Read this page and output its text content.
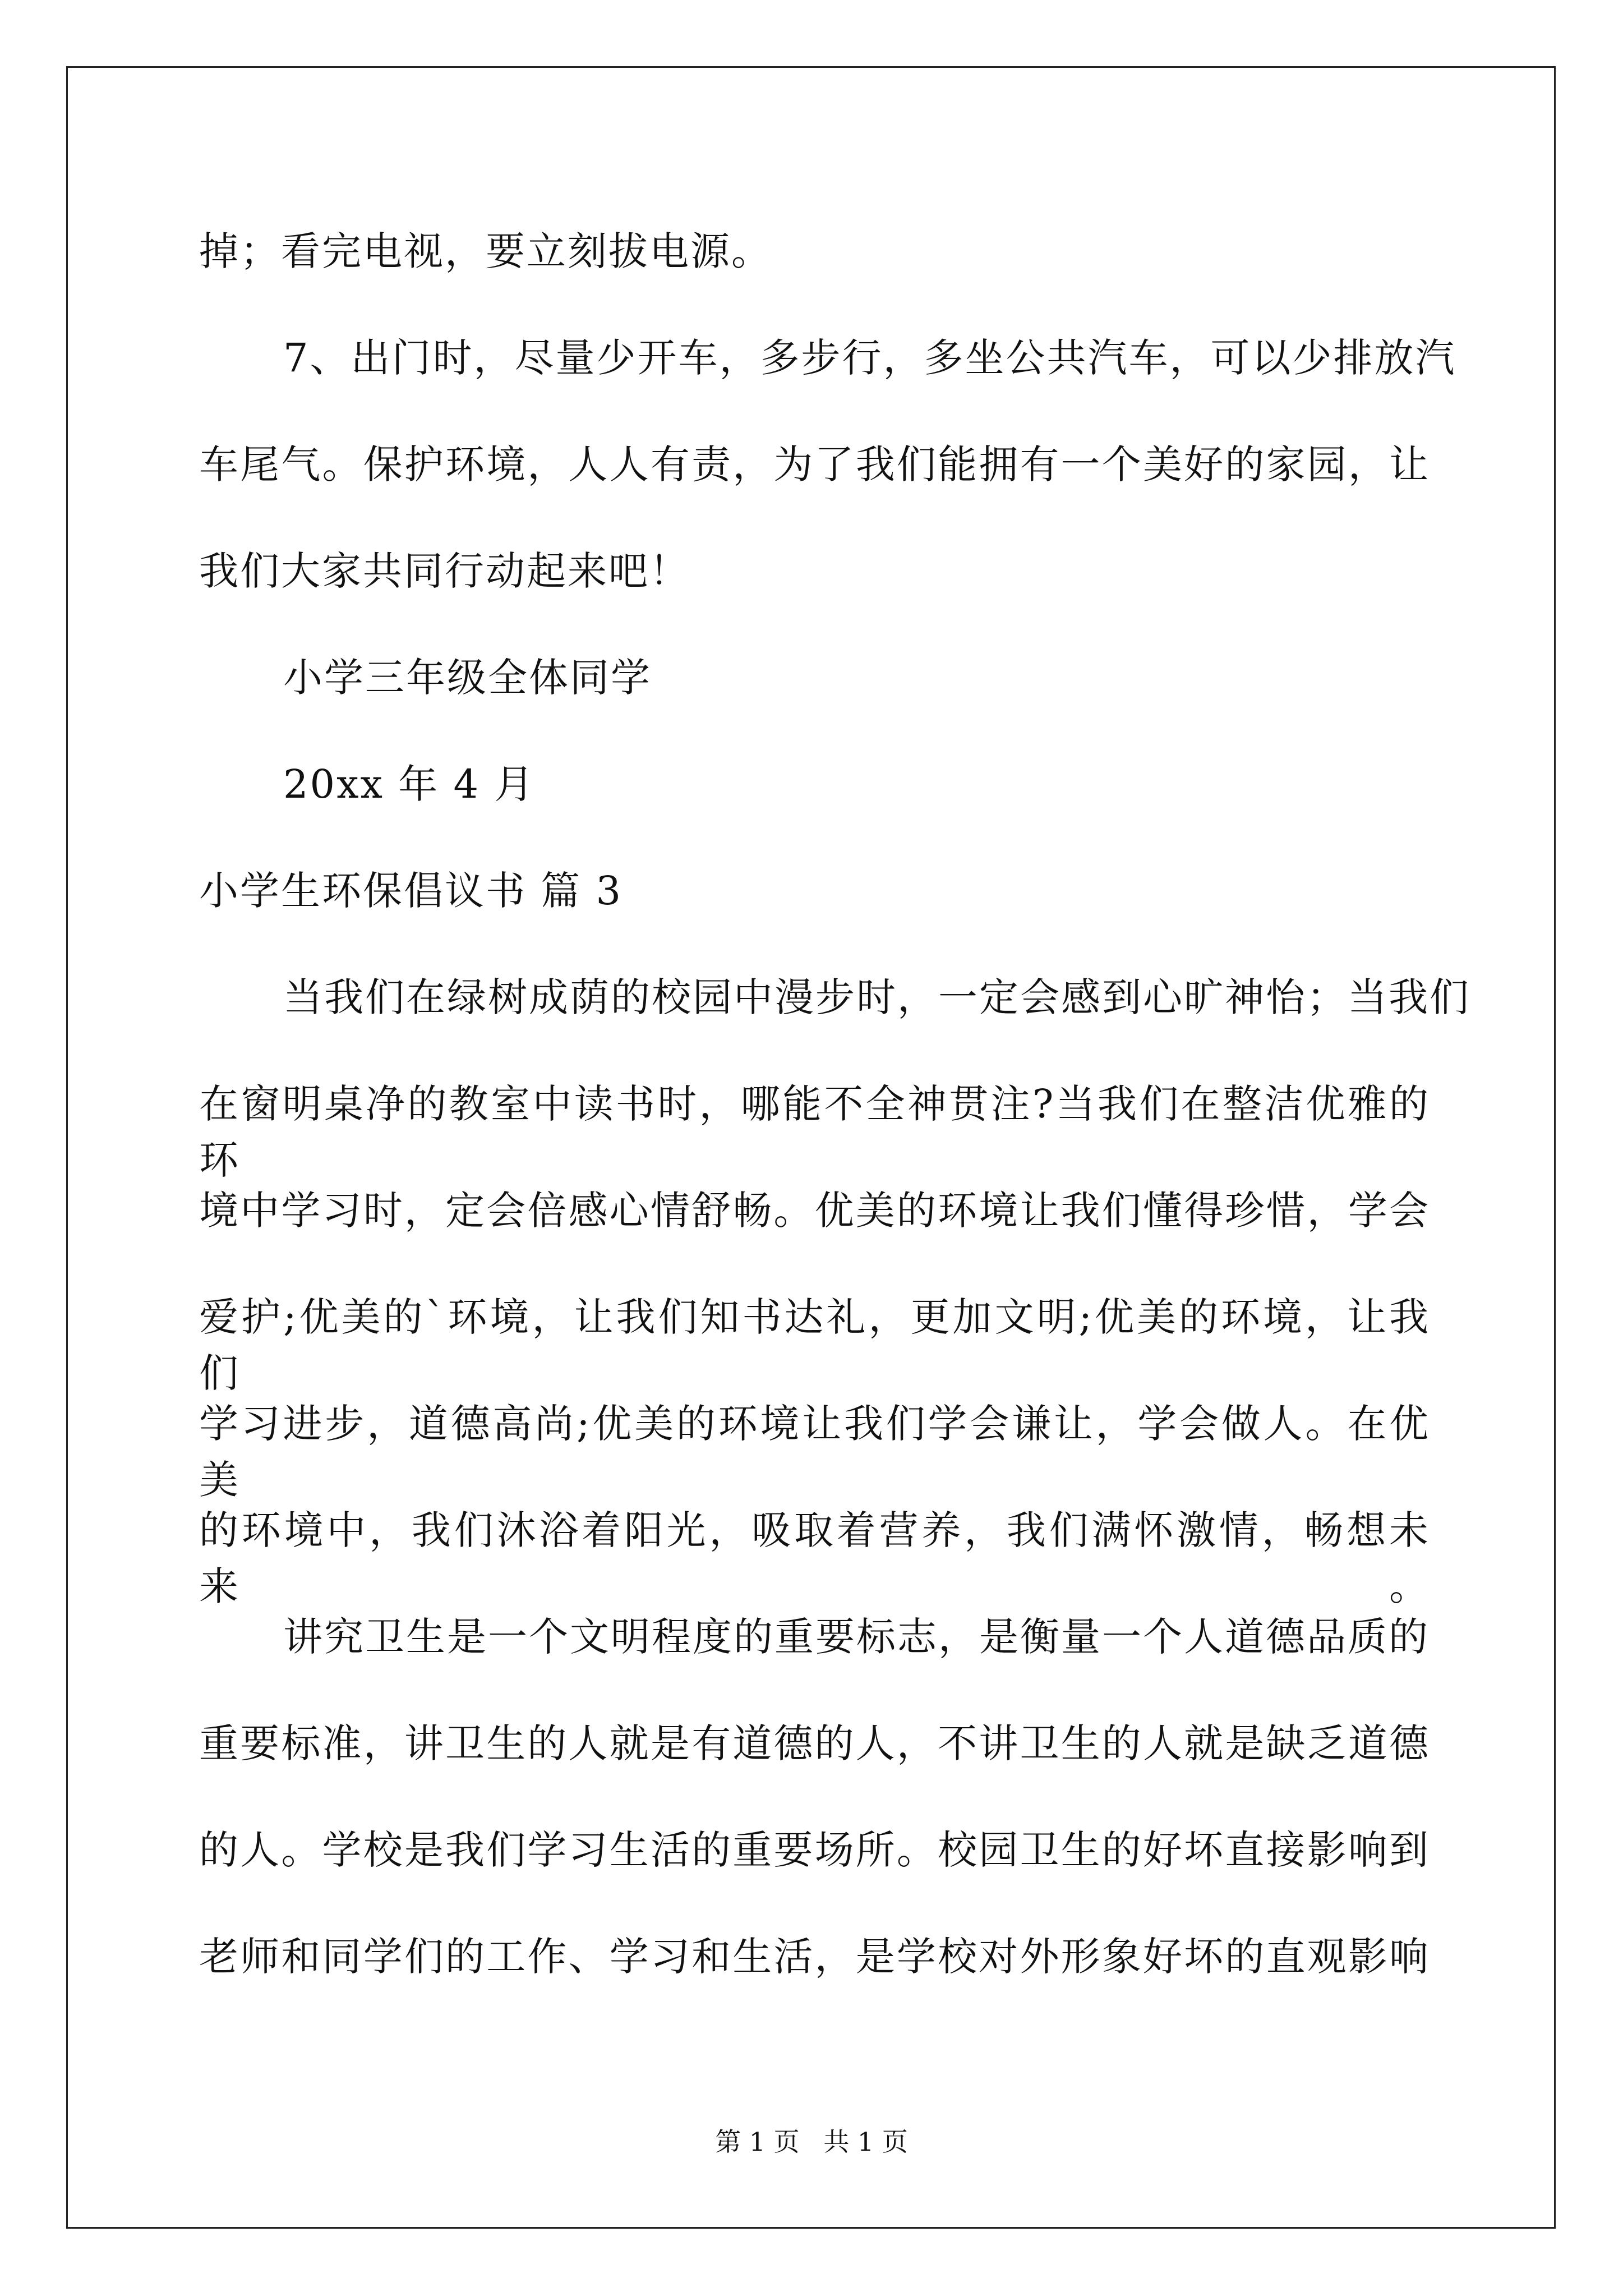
掉；看完电视，要立刻拔电源。
7、出门时，尽量少开车，多步行，多坐公共汽车，可以少排放汽
车尾气。保护环境，人人有责，为了我们能拥有一个美好的家园，让
我们大家共同行动起来吧！
小学三年级全体同学
20xx 年 4 月
小学生环保倡议书 篇 3
当我们在绿树成荫的校园中漫步时，一定会感到心旷神怡；当我们
在窗明桌净的教室中读书时，哪能不全神贯注?当我们在整洁优雅的环
境中学习时，定会倍感心情舒畅。优美的环境让我们懂得珍惜，学会
爱护;优美的`环境，让我们知书达礼，更加文明;优美的环境，让我们
学习进步，道德高尚;优美的环境让我们学会谦让，学会做人。在优美
的环境中，我们沐浴着阳光，吸取着营养，我们满怀激情，畅想未来。
讲究卫生是一个文明程度的重要标志，是衡量一个人道德品质的
重要标准，讲卫生的人就是有道德的人，不讲卫生的人就是缺乏道德
的人。学校是我们学习生活的重要场所。校园卫生的好坏直接影响到
老师和同学们的工作、学习和生活，是学校对外形象好坏的直观影响
第 1 页 共 1 页
